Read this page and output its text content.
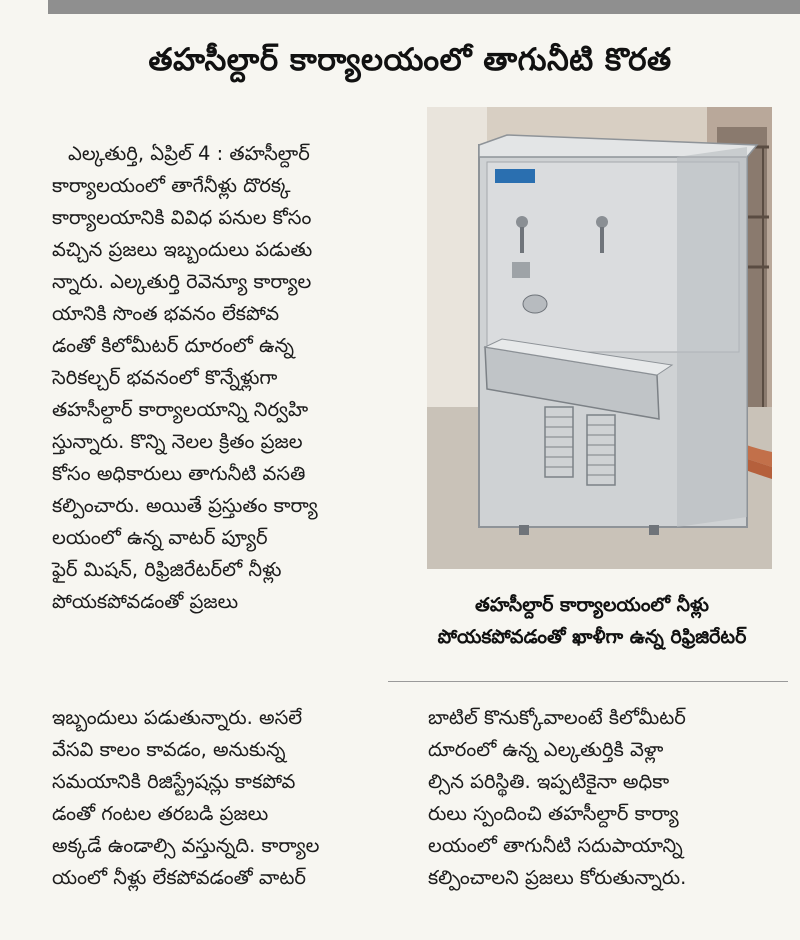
తహసీల్దార్ కార్యాలయంలో తాగునీటి కొరత
ఎల్కతుర్తి, ఏప్రిల్ 4 : తహసీల్దార్
కార్యాలయంలో తాగేనీళ్లు దొరక్క
కార్యాలయానికి వివిధ పనుల కోసం
వచ్చిన ప్రజలు ఇబ్బందులు పడుతు
న్నారు. ఎల్కతుర్తి రెవెన్యూ కార్యాల
యానికి సొంత భవనం లేకపోవ
డంతో కిలోమీటర్ దూరంలో ఉన్న
సెరికల్చర్ భవనంలో కొన్నేళ్లుగా
తహసీల్దార్ కార్యాలయాన్ని నిర్వహి
స్తున్నారు. కొన్ని నెలల క్రితం ప్రజల
కోసం అధికారులు తాగునీటి వసతి
కల్పించారు. అయితే ప్రస్తుతం కార్యా
లయంలో ఉన్న వాటర్ ప్యూర్
ఫైర్ మిషన్, రిఫ్రిజిరేటర్‌లో నీళ్లు
పోయకపోవడంతో ప్రజలు	తహసీల్దార్ కార్యాలయంలో నీళ్లు
పోయకపోవడంతో ఖాళీగా ఉన్న రిఫ్రిజిరేటర్
ఇబ్బందులు పడుతున్నారు. అసలే
వేసవి కాలం కావడం, అనుకున్న
సమయానికి రిజిస్ట్రేషన్లు కాకపోవ
డంతో గంటల తరబడి ప్రజలు
అక్కడే ఉండాల్సి వస్తున్నది. కార్యాల
యంలో నీళ్లు లేకపోవడంతో వాటర్
బాటిల్ కొనుక్కోవాలంటే కిలోమీటర్
దూరంలో ఉన్న ఎల్కతుర్తికి వెళ్లా
ల్సిన పరిస్థితి. ఇప్పటికైనా అధికా
రులు స్పందించి తహసీల్దార్ కార్యా
లయంలో తాగునీటి సదుపాయాన్ని
కల్పించాలని ప్రజలు కోరుతున్నారు.
